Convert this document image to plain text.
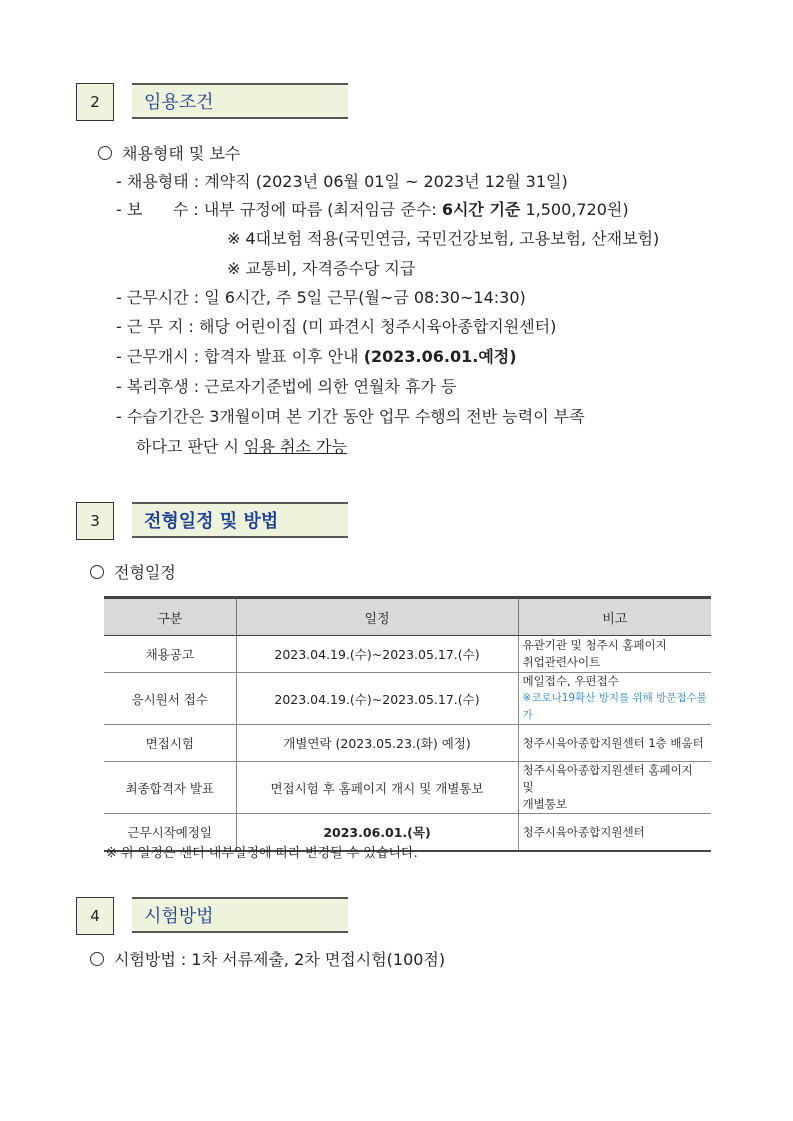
2	임용조건
채용형태 및 보수
- 채용형태 : 계약직 (2023년 06월 01일 ~ 2023년 12월 31일)
- 보      수 : 내부 규정에 따름 (최저임금 준수: 6시간 기준 1,500,720원)
※ 4대보험 적용(국민연금, 국민건강보험, 고용보험, 산재보험)
※ 교통비, 자격증수당 지급
- 근무시간 : 일 6시간, 주 5일 근무(월~금 08:30~14:30)
- 근 무 지 : 해당 어린이집 (미 파견시 청주시육아종합지원센터)
- 근무개시 : 합격자 발표 이후 안내 (2023.06.01.예정)
- 복리후생 : 근로자기준법에 의한 연월차 휴가 등
- 수습기간은 3개월이며 본 기간 동안 업무 수행의 전반 능력이 부족
하다고 판단 시 임용 취소 가능
3	전형일정 및 방법
전형일정
구분	일정	비고
채용공고	2023.04.19.(수)~2023.05.17.(수)	유관기관 및 청주시 홈페이지
취업관련사이트

응시원서 접수	2023.04.19.(수)~2023.05.17.(수)	메일접수, 우편접수
※코로나19확산 방지를 위해 방문접수불가

면접시험	개별연락 (2023.05.23.(화) 예정)	청주시육아종합지원센터 1층 배움터

최종합격자 발표	면접시험 후 홈페이지 개시 및 개별통보	청주시육아종합지원센터 홈페이지 및
개별통보

근무시작예정일	2023.06.01.(목)	청주시육아종합지원센터
※ 위 일정은 센터 내부일정에 따라 변경될 수 있습니다.
4	시험방법
시험방법 : 1차 서류제출, 2차 면접시험(100점)
